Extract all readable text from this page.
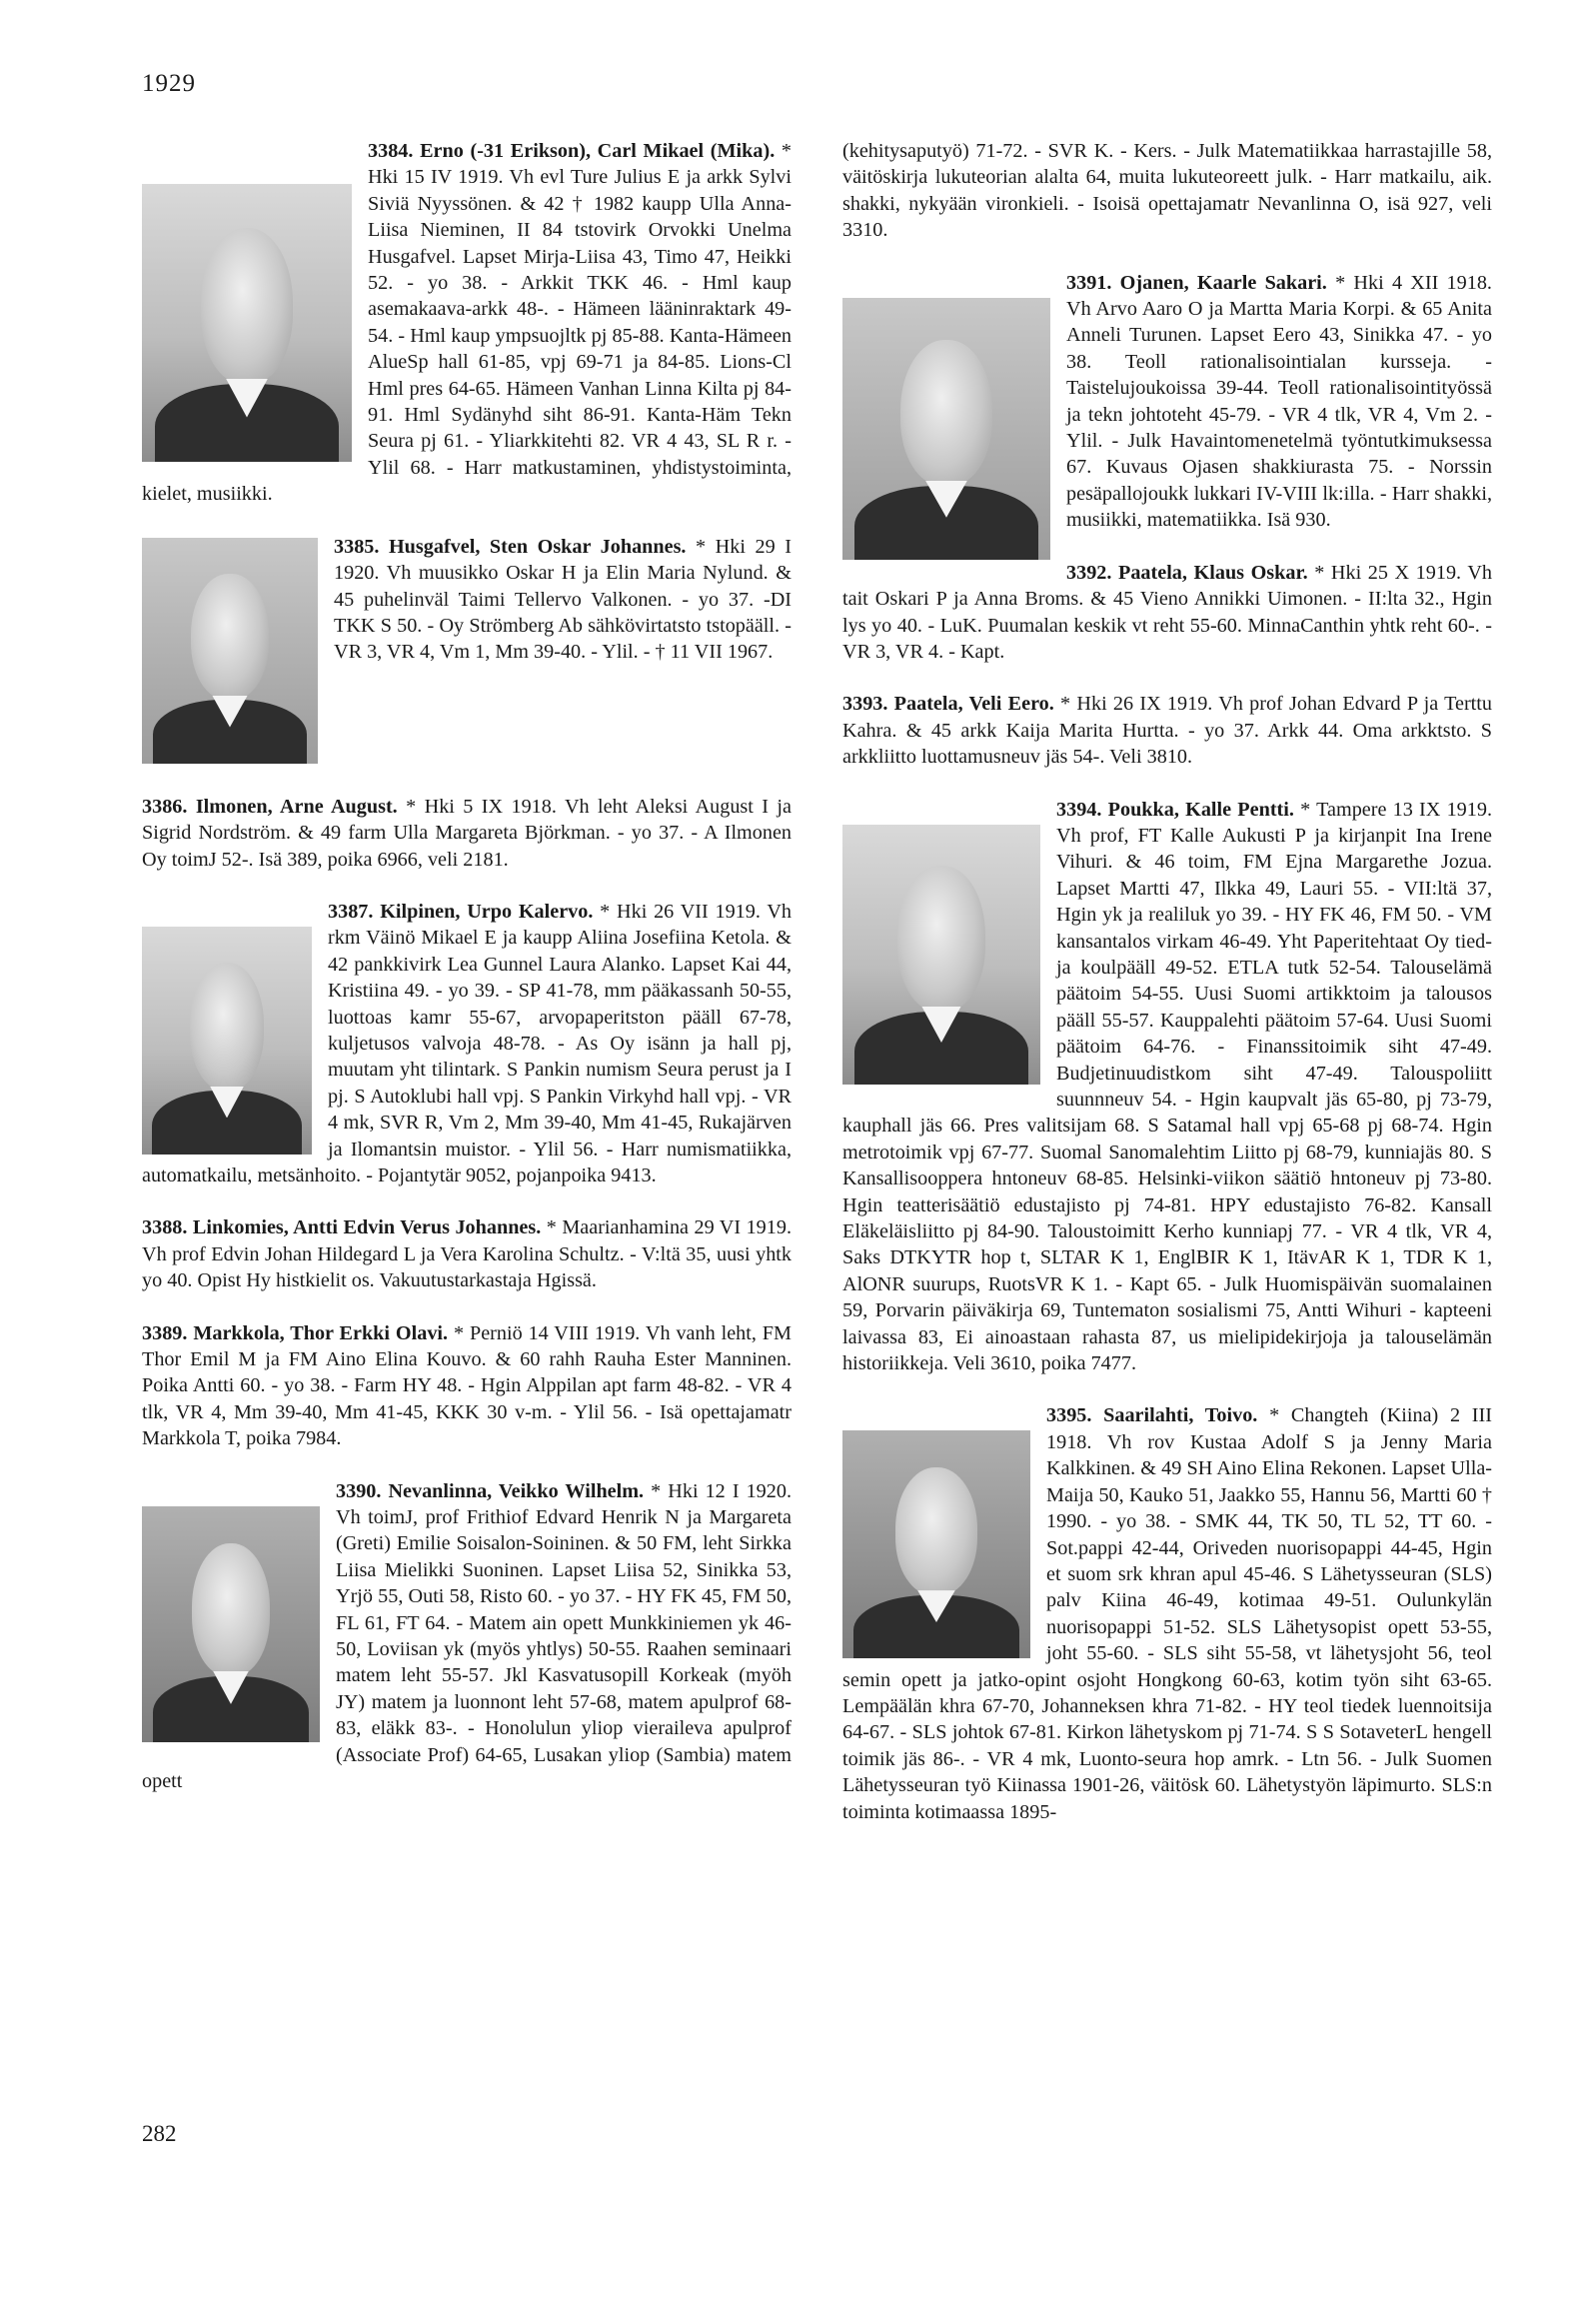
1929

3384. Erno (-31 Erikson), Carl Mikael (Mika). * Hki 15 IV 1919. Vh evl Ture Julius E ja arkk Sylvi Siviä Nyyssönen. & 42 † 1982 kaupp Ulla Anna-Liisa Nieminen, II 84 tstovirk Orvokki Unelma Husgafvel. Lapset Mirja-Liisa 43, Timo 47, Heikki 52. - yo 38. - Arkkit TKK 46. - Hml kaup asemakaava-arkk 48-. - Hämeen lääninraktark 49-54. - Hml kaup ympsuojltk pj 85-88. Kanta-Hämeen AlueSp hall 61-85, vpj 69-71 ja 84-85. Lions-Cl Hml pres 64-65. Hämeen Vanhan Linna Kilta pj 84-91. Hml Sydänyhd siht 86-91. Kanta-Häm Tekn Seura pj 61. - Yliarkkitehti 82. VR 4 43, SL R r. - Ylil 68. - Harr matkustaminen, yhdistystoiminta, kielet, musiikki.

3385. Husgafvel, Sten Oskar Johannes. * Hki 29 I 1920. Vh muusikko Oskar H ja Elin Maria Nylund. & 45 puhelinväl Taimi Tellervo Valkonen. - yo 37. -DI TKK S 50. - Oy Strömberg Ab sähkövirtatsto tstopääll. - VR 3, VR 4, Vm 1, Mm 39-40. - Ylil. - † 11 VII 1967.

3386. Ilmonen, Arne August. * Hki 5 IX 1918. Vh leht Aleksi August I ja Sigrid Nordström. & 49 farm Ulla Margareta Björkman. - yo 37. - A Ilmonen Oy toimJ 52-. Isä 389, poika 6966, veli 2181.

3387. Kilpinen, Urpo Kalervo. * Hki 26 VII 1919. Vh rkm Väinö Mikael E ja kaupp Aliina Josefiina Ketola. & 42 pankkivirk Lea Gunnel Laura Alanko. Lapset Kai 44, Kristiina 49. - yo 39. - SP 41-78, mm pääkassanh 50-55, luottoas kamr 55-67, arvopaperitston pääll 67-78, kuljetusos valvoja 48-78. - As Oy isänn ja hall pj, muutam yht tilintark. S Pankin numism Seura perust ja I pj. S Autoklubi hall vpj. S Pankin Virkyhd hall vpj. - VR 4 mk, SVR R, Vm 2, Mm 39-40, Mm 41-45, Rukajärven ja Ilomantsin muistor. - Ylil 56. - Harr numismatiikka, automatkailu, metsänhoito. - Pojantytär 9052, pojanpoika 9413.

3388. Linkomies, Antti Edvin Verus Johannes. * Maarianhamina 29 VI 1919. Vh prof Edvin Johan Hildegard L ja Vera Karolina Schultz. - V:ltä 35, uusi yhtk yo 40. Opist Hy histkielit os. Vakuutustarkastaja Hgissä.

3389. Markkola, Thor Erkki Olavi. * Perniö 14 VIII 1919. Vh vanh leht, FM Thor Emil M ja FM Aino Elina Kouvo. & 60 rahh Rauha Ester Manninen. Poika Antti 60. - yo 38. - Farm HY 48. - Hgin Alppilan apt farm 48-82. - VR 4 tlk, VR 4, Mm 39-40, Mm 41-45, KKK 30 v-m. - Ylil 56. - Isä opettajamatr Markkola T, poika 7984.

3390. Nevanlinna, Veikko Wilhelm. * Hki 12 I 1920. Vh toimJ, prof Frithiof Edvard Henrik N ja Margareta (Greti) Emilie Soisalon-Soininen. & 50 FM, leht Sirkka Liisa Mielikki Suoninen. Lapset Liisa 52, Sinikka 53, Yrjö 55, Outi 58, Risto 60. - yo 37. - HY FK 45, FM 50, FL 61, FT 64. - Matem ain opett Munkkiniemen yk 46-50, Loviisan yk (myös yhtlys) 50-55. Raahen seminaari matem leht 55-57. Jkl Kasvatusopill Korkeak (myöh JY) matem ja luonnont leht 57-68, matem apulprof 68-83, eläkk 83-. - Honolulun yliop vieraileva apulprof (Associate Prof) 64-65, Lusakan yliop (Sambia) matem opett

(kehitysaputyö) 71-72. - SVR K. - Kers. - Julk Matematiikkaa harrastajille 58, väitöskirja lukuteorian alalta 64, muita lukuteoreett julk. - Harr matkailu, aik. shakki, nykyään vironkieli. - Isoisä opettajamatr Nevanlinna O, isä 927, veli 3310.

3391. Ojanen, Kaarle Sakari. * Hki 4 XII 1918. Vh Arvo Aaro O ja Martta Maria Korpi. & 65 Anita Anneli Turunen. Lapset Eero 43, Sinikka 47. - yo 38. Teoll rationalisointialan kursseja. - Taistelujoukoissa 39-44. Teoll rationalisointityössä ja tekn johtoteht 45-79. - VR 4 tlk, VR 4, Vm 2. - Ylil. - Julk Havaintomenetelmä työntutkimuksessa 67. Kuvaus Ojasen shakkiurasta 75. - Norssin pesäpallojoukk lukkari IV-VIII lk:illa. - Harr shakki, musiikki, matematiikka. Isä 930.

3392. Paatela, Klaus Oskar. * Hki 25 X 1919. Vh tait Oskari P ja Anna Broms. & 45 Vieno Annikki Uimonen. - II:lta 32., Hgin lys yo 40. - LuK. Puumalan keskik vt reht 55-60. MinnaCanthin yhtk reht 60-. - VR 3, VR 4. - Kapt.

3393. Paatela, Veli Eero. * Hki 26 IX 1919. Vh prof Johan Edvard P ja Terttu Kahra. & 45 arkk Kaija Marita Hurtta. - yo 37. Arkk 44. Oma arkktsto. S arkkliitto luottamusneuv jäs 54-. Veli 3810.

3394. Poukka, Kalle Pentti. * Tampere 13 IX 1919. Vh prof, FT Kalle Aukusti P ja kirjanpit Ina Irene Vihuri. & 46 toim, FM Ejna Margarethe Jozua. Lapset Martti 47, Ilkka 49, Lauri 55. - VII:ltä 37, Hgin yk ja realiluk yo 39. - HY FK 46, FM 50. - VM kansantalos virkam 46-49. Yht Paperitehtaat Oy tied- ja koulpääll 49-52. ETLA tutk 52-54. Talouselämä päätoim 54-55. Uusi Suomi artikktoim ja talousos pääll 55-57. Kauppalehti päätoim 57-64. Uusi Suomi päätoim 64-76. - Finanssitoimik siht 47-49. Budjetinuudistkom siht 47-49. Talouspoliitt suunnneuv 54. - Hgin kaupvalt jäs 65-80, pj 73-79, kauphall jäs 66. Pres valitsijam 68. S Satamal hall vpj 65-68 pj 68-74. Hgin metrotoimik vpj 67-77. Suomal Sanomalehtim Liitto pj 68-79, kunniajäs 80. S Kansallisooppera hntoneuv 68-85. Helsinki-viikon säätiö hntoneuv pj 73-80. Hgin teatterisäätiö edustajisto pj 74-81. HPY edustajisto 76-82. Kansall Eläkeläisliitto pj 84-90. Taloustoimitt Kerho kunniapj 77. - VR 4 tlk, VR 4, Saks DTKYTR hop t, SLTAR K 1, EnglBIR K 1, ItävAR K 1, TDR K 1, AlONR suurups, RuotsVR K 1. - Kapt 65. - Julk Huomispäivän suomalainen 59, Porvarin päiväkirja 69, Tuntematon sosialismi 75, Antti Wihuri - kapteeni laivassa 83, Ei ainoastaan rahasta 87, us mielipidekirjoja ja talouselämän historiikkeja. Veli 3610, poika 7477.

3395. Saarilahti, Toivo. * Changteh (Kiina) 2 III 1918. Vh rov Kustaa Adolf S ja Jenny Maria Kalkkinen. & 49 SH Aino Elina Rekonen. Lapset Ulla-Maija 50, Kauko 51, Jaakko 55, Hannu 56, Martti 60 † 1990. - yo 38. - SMK 44, TK 50, TL 52, TT 60. - Sot.pappi 42-44, Oriveden nuorisopappi 44-45, Hgin et suom srk khran apul 45-46. S Lähetysseuran (SLS) palv Kiina 46-49, kotimaa 49-51. Oulunkylän nuorisopappi 51-52. SLS Lähetysopist opett 53-55, joht 55-60. - SLS siht 55-58, vt lähetysjoht 56, teol semin opett ja jatko-opint osjoht Hongkong 60-63, kotim työn siht 63-65. Lempäälän khra 67-70, Johanneksen khra 71-82. - HY teol tiedek luennoitsija 64-67. - SLS johtok 67-81. Kirkon lähetyskom pj 71-74. S S SotaveterL hengell toimik jäs 86-. - VR 4 mk, Luonto-seura hop amrk. - Ltn 56. - Julk Suomen Lähetysseuran työ Kiinassa 1901-26, väitösk 60. Lähetystyön läpimurto. SLS:n toiminta kotimaassa 1895-

282
